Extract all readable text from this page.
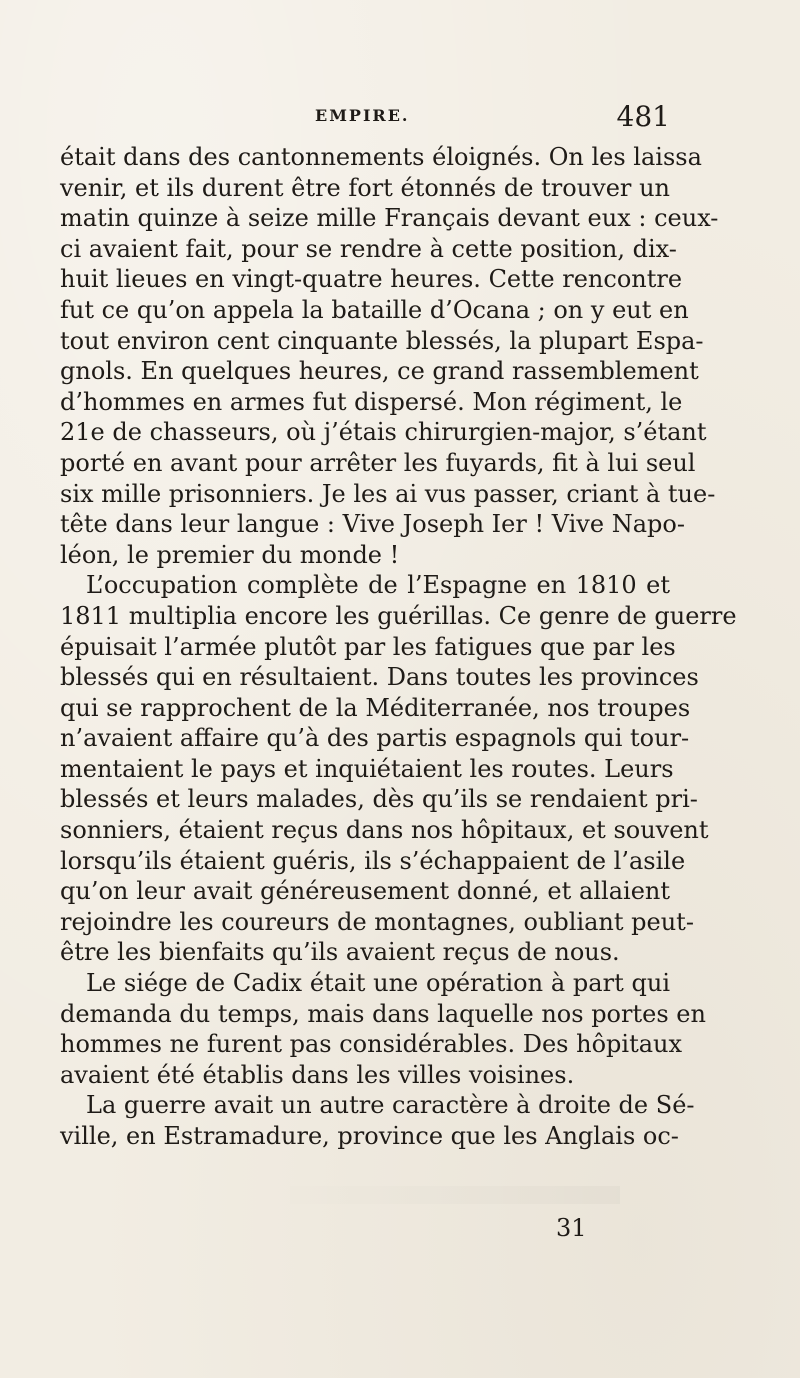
EMPIRE.	481

était dans des cantonnements éloignés. On les laissa
venir, et ils durent être fort étonnés de trouver un
matin quinze à seize mille Français devant eux : ceux-
ci avaient fait, pour se rendre à cette position, dix-
huit lieues en vingt-quatre heures. Cette rencontre
fut ce qu’on appela la bataille d’Ocana ; on y eut en
tout environ cent cinquante blessés, la plupart Espa-
gnols. En quelques heures, ce grand rassemblement
d’hommes en armes fut dispersé. Mon régiment, le
21e de chasseurs, où j’étais chirurgien-major, s’étant
porté en avant pour arrêter les fuyards, fit à lui seul
six mille prisonniers. Je les ai vus passer, criant à tue-
tête dans leur langue : Vive Joseph Ier ! Vive Napo-
léon, le premier du monde !

L’occupation complète de l’Espagne en 1810 et
1811 multiplia encore les guérillas. Ce genre de guerre
épuisait l’armée plutôt par les fatigues que par les
blessés qui en résultaient. Dans toutes les provinces
qui se rapprochent de la Méditerranée, nos troupes
n’avaient affaire qu’à des partis espagnols qui tour-
mentaient le pays et inquiétaient les routes. Leurs
blessés et leurs malades, dès qu’ils se rendaient pri-
sonniers, étaient reçus dans nos hôpitaux, et souvent
lorsqu’ils étaient guéris, ils s’échappaient de l’asile
qu’on leur avait généreusement donné, et allaient
rejoindre les coureurs de montagnes, oubliant peut-
être les bienfaits qu’ils avaient reçus de nous.

Le siége de Cadix était une opération à part qui
demanda du temps, mais dans laquelle nos portes en
hommes ne furent pas considérables. Des hôpitaux
avaient été établis dans les villes voisines.

La guerre avait un autre caractère à droite de Sé-
ville, en Estramadure, province que les Anglais oc-

31
